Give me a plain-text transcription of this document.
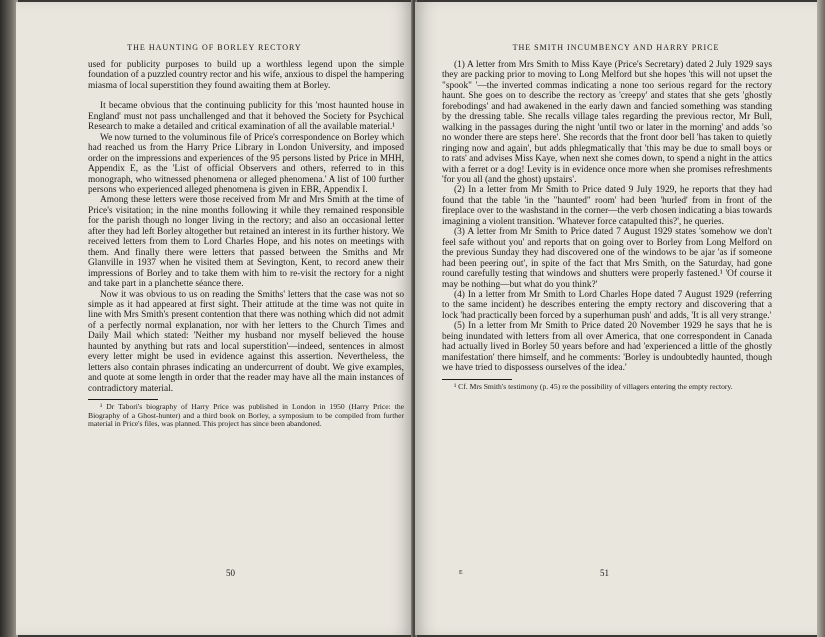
THE HAUNTING OF BORLEY RECTORY

used for publicity purposes to build up a worthless legend upon the simple foundation of a puzzled country rector and his wife, anxious to dispel the hampering miasma of local superstition they found awaiting them at Borley.

It became obvious that the continuing publicity for this 'most haunted house in England' must not pass unchallenged and that it behoved the Society for Psychical Research to make a detailed and critical examination of all the available material.¹

We now turned to the voluminous file of Price's correspondence on Borley which had reached us from the Harry Price Library in London University, and imposed order on the impressions and experiences of the 95 persons listed by Price in MHH, Appendix E, as the 'List of official Observers and others, referred to in this monograph, who witnessed phenomena or alleged phenomena.' A list of 100 further persons who experienced alleged phenomena is given in EBR, Appendix I.

Among these letters were those received from Mr and Mrs Smith at the time of Price's visitation; in the nine months following it while they remained responsible for the parish though no longer living in the rectory; and also an occasional letter after they had left Borley altogether but retained an interest in its further history. We received letters from them to Lord Charles Hope, and his notes on meetings with them. And finally there were letters that passed between the Smiths and Mr Glanville in 1937 when he visited them at Sevington, Kent, to record anew their impressions of Borley and to take them with him to re-visit the rectory for a night and take part in a planchette séance there.

Now it was obvious to us on reading the Smiths' letters that the case was not so simple as it had appeared at first sight. Their attitude at the time was not quite in line with Mrs Smith's present contention that there was nothing which did not admit of a perfectly normal explanation, nor with her letters to the Church Times and Daily Mail which stated: 'Neither my husband nor myself believed the house haunted by anything but rats and local superstition'—indeed, sentences in almost every letter might be used in evidence against this assertion. Nevertheless, the letters also contain phrases indicating an undercurrent of doubt. We give examples, and quote at some length in order that the reader may have all the main instances of contradictory material.

¹ Dr Tabori's biography of Harry Price was published in London in 1950 (Harry Price: the Biography of a Ghost-hunter) and a third book on Borley, a symposium to be compiled from further material in Price's files, was planned. This project has since been abandoned.

50
THE SMITH INCUMBENCY AND HARRY PRICE

(1) A letter from Mrs Smith to Miss Kaye (Price's Secretary) dated 2 July 1929 says they are packing prior to moving to Long Melford but she hopes 'this will not upset the "spook" '—the inverted commas indicating a none too serious regard for the rectory haunt. She goes on to describe the rectory as 'creepy' and states that she gets 'ghostly forebodings' and had awakened in the early dawn and fancied something was standing by the dressing table. She recalls village tales regarding the previous rector, Mr Bull, walking in the passages during the night 'until two or later in the morning' and adds 'so no wonder there are steps here'. She records that the front door bell 'has taken to quietly ringing now and again', but adds phlegmatically that 'this may be due to small boys or to rats' and advises Miss Kaye, when next she comes down, to spend a night in the attics with a ferret or a dog! Levity is in evidence once more when she promises refreshments 'for you all (and the ghost) upstairs'.

(2) In a letter from Mr Smith to Price dated 9 July 1929, he reports that they had found that the table 'in the "haunted" room' had been 'hurled' from in front of the fireplace over to the washstand in the corner—the verb chosen indicating a bias towards imagining a violent transition. 'Whatever force catapulted this?', he queries.

(3) A letter from Mr Smith to Price dated 7 August 1929 states 'somehow we don't feel safe without you' and reports that on going over to Borley from Long Melford on the previous Sunday they had discovered one of the windows to be ajar 'as if someone had been peering out', in spite of the fact that Mrs Smith, on the Saturday, had gone round carefully testing that windows and shutters were properly fastened.¹ 'Of course it may be nothing—but what do you think?'

(4) In a letter from Mr Smith to Lord Charles Hope dated 7 August 1929 (referring to the same incident) he describes entering the empty rectory and discovering that a lock 'had practically been forced by a superhuman push' and adds, 'It is all very strange.'

(5) In a letter from Mr Smith to Price dated 20 November 1929 he says that he is being inundated with letters from all over America, that one correspondent in Canada had actually lived in Borley 50 years before and had 'experienced a little of the ghostly manifestation' there himself, and he comments: 'Borley is undoubtedly haunted, though we have tried to dispossess ourselves of the idea.'

¹ Cf. Mrs Smith's testimony (p. 45) re the possibility of villagers entering the empty rectory.

E	51
